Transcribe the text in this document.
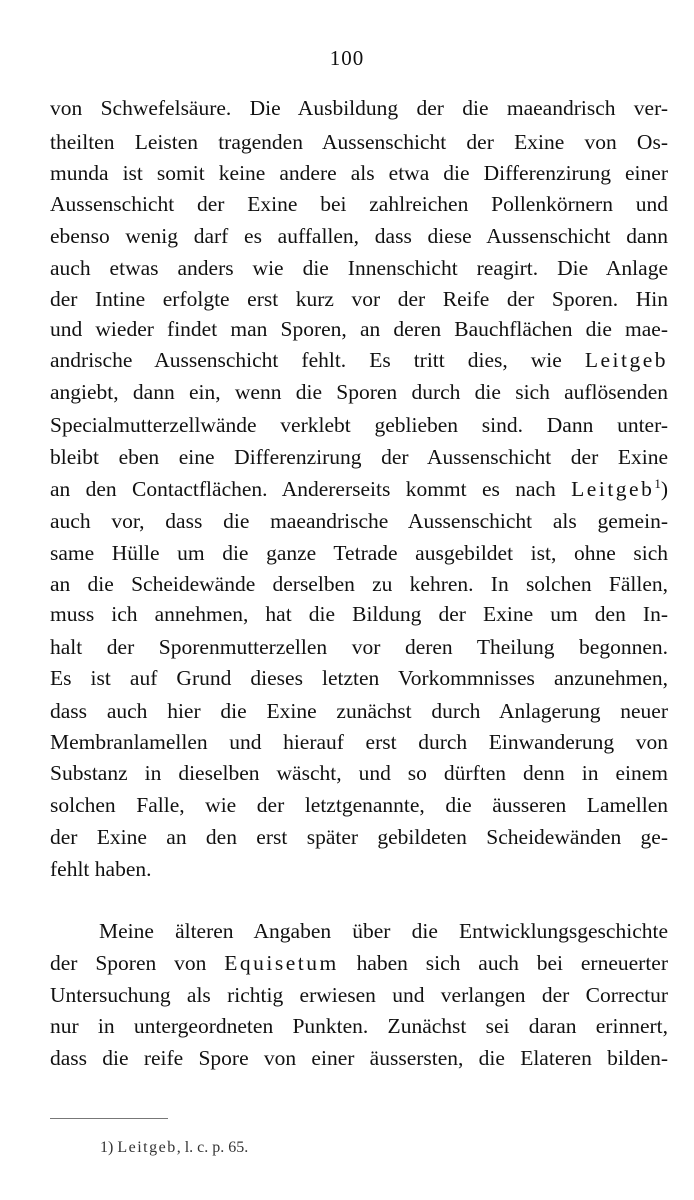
100
von Schwefelsäure. Die Ausbildung der die maeandrisch ver-
theilten Leisten tragenden Aussenschicht der Exine von Os-
munda ist somit keine andere als etwa die Differenzirung einer
Aussenschicht der Exine bei zahlreichen Pollenkörnern und
ebenso wenig darf es auffallen, dass diese Aussenschicht dann
auch etwas anders wie die Innenschicht reagirt. Die Anlage
der Intine erfolgte erst kurz vor der Reife der Sporen. Hin
und wieder findet man Sporen, an deren Bauchflächen die mae-
andrische Aussenschicht fehlt. Es tritt dies, wie Leitgeb
angiebt, dann ein, wenn die Sporen durch die sich auflösenden
Specialmutterzellwände verklebt geblieben sind. Dann unter-
bleibt eben eine Differenzirung der Aussenschicht der Exine
an den Contactflächen. Andererseits kommt es nach Leitgeb$^1$)
auch vor, dass die maeandrische Aussenschicht als gemein-
same Hülle um die ganze Tetrade ausgebildet ist, ohne sich
an die Scheidewände derselben zu kehren. In solchen Fällen,
muss ich annehmen, hat die Bildung der Exine um den In-
halt der Sporenmutterzellen vor deren Theilung begonnen.
Es ist auf Grund dieses letzten Vorkommnisses anzunehmen,
dass auch hier die Exine zunächst durch Anlagerung neuer
Membranlamellen und hierauf erst durch Einwanderung von
Substanz in dieselben wäscht, und so dürften denn in einem
solchen Falle, wie der letztgenannte, die äusseren Lamellen
der Exine an den erst später gebildeten Scheidewänden ge-
fehlt haben.
Meine älteren Angaben über die Entwicklungsgeschichte
der Sporen von Equisetum haben sich auch bei erneuerter
Untersuchung als richtig erwiesen und verlangen der Correctur
nur in untergeordneten Punkten. Zunächst sei daran erinnert,
dass die reife Spore von einer äussersten, die Elateren bilden-
1) Leitgeb, l. c. p. 65.
